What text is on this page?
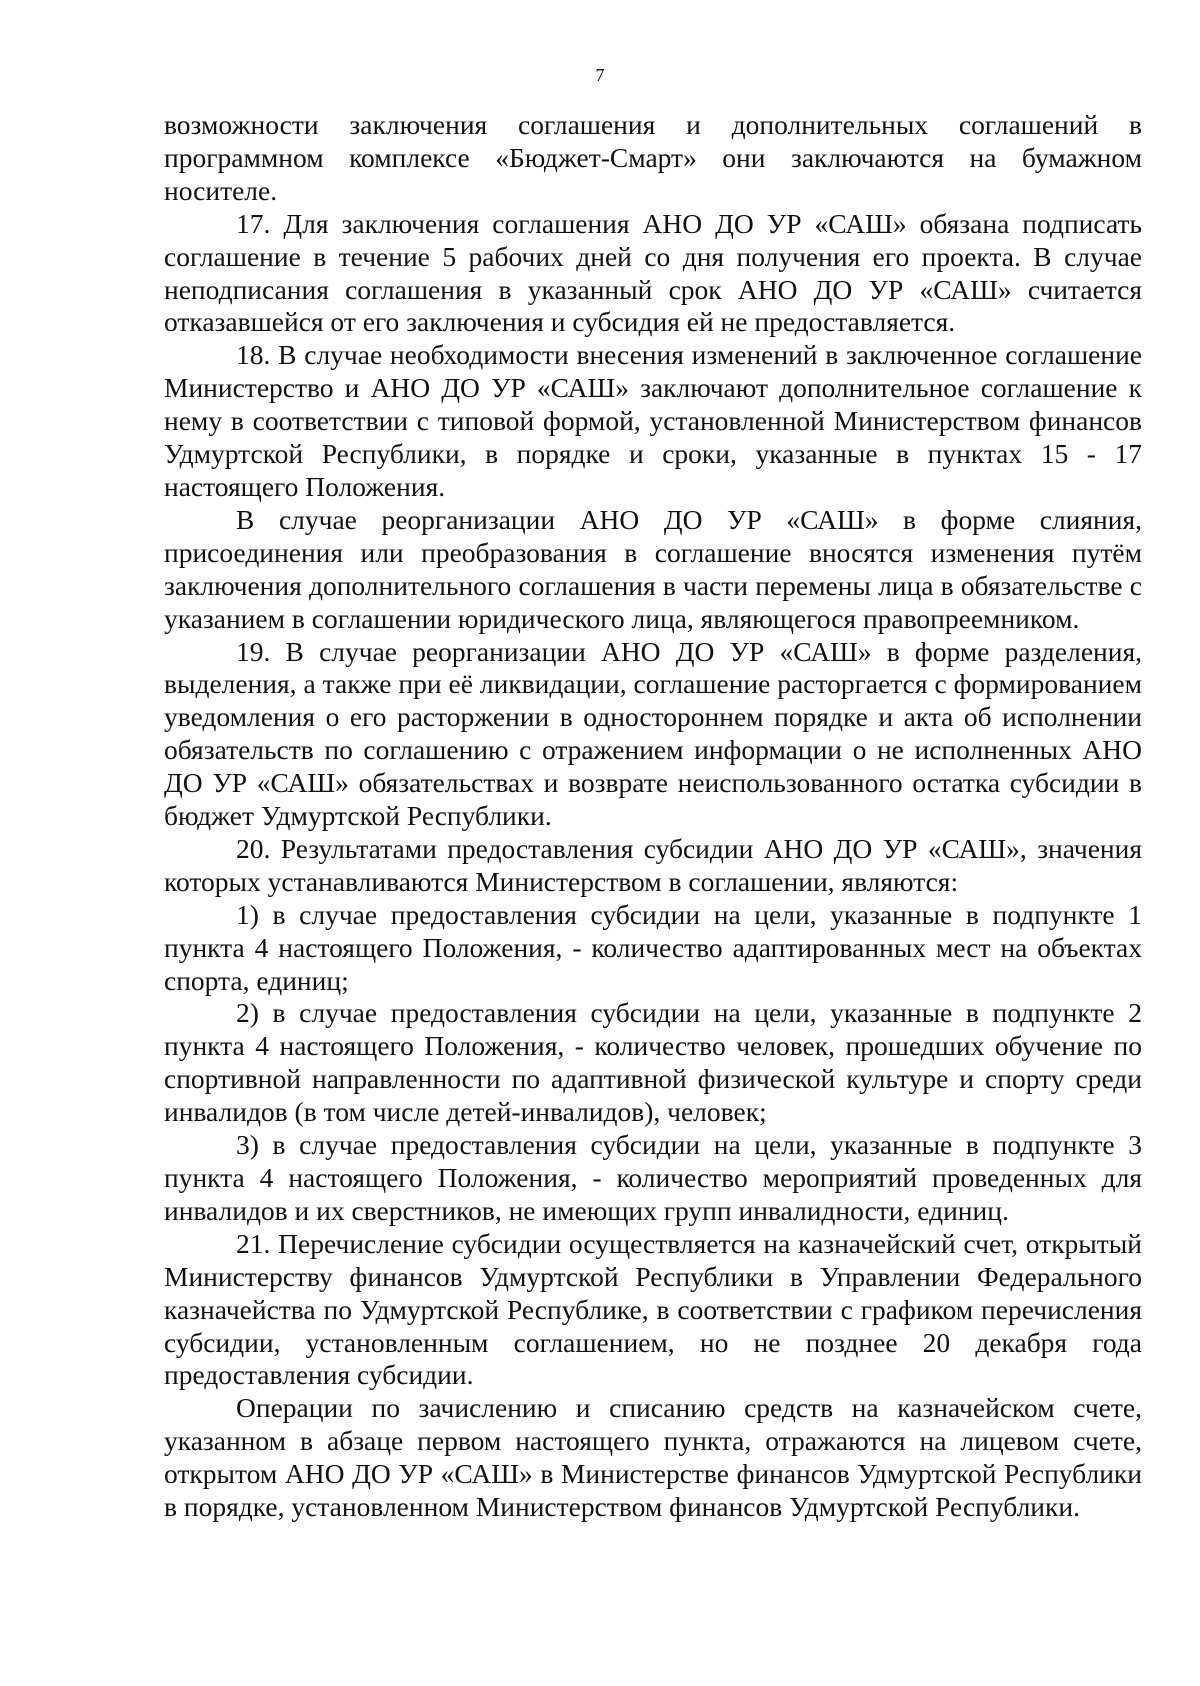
7

возможности заключения соглашения и дополнительных соглашений в программном комплексе «Бюджет-Смарт» они заключаются на бумажном носителе.

17. Для заключения соглашения АНО ДО УР «САШ» обязана подписать соглашение в течение 5 рабочих дней со дня получения его проекта. В случае неподписания соглашения в указанный срок АНО ДО УР «САШ» считается отказавшейся от его заключения и субсидия ей не предоставляется.

18. В случае необходимости внесения изменений в заключенное соглашение Министерство и АНО ДО УР «САШ» заключают дополнительное соглашение к нему в соответствии с типовой формой, установленной Министерством финансов Удмуртской Республики, в порядке и сроки, указанные в пунктах 15 - 17 настоящего Положения.

В случае реорганизации АНО ДО УР «САШ» в форме слияния, присоединения или преобразования в соглашение вносятся изменения путём заключения дополнительного соглашения в части перемены лица в обязательстве с указанием в соглашении юридического лица, являющегося правопреемником.

19. В случае реорганизации АНО ДО УР «САШ» в форме разделения, выделения, а также при её ликвидации, соглашение расторгается с формированием уведомления о его расторжении в одностороннем порядке и акта об исполнении обязательств по соглашению с отражением информации о не исполненных АНО ДО УР «САШ» обязательствах и возврате неиспользованного остатка субсидии в бюджет Удмуртской Республики.

20. Результатами предоставления субсидии АНО ДО УР «САШ», значения которых устанавливаются Министерством в соглашении, являются:

1) в случае предоставления субсидии на цели, указанные в подпункте 1 пункта 4 настоящего Положения, - количество адаптированных мест на объектах спорта, единиц;

2) в случае предоставления субсидии на цели, указанные в подпункте 2 пункта 4 настоящего Положения, - количество человек, прошедших обучение по спортивной направленности по адаптивной физической культуре и спорту среди инвалидов (в том числе детей-инвалидов), человек;

3) в случае предоставления субсидии на цели, указанные в подпункте 3 пункта 4 настоящего Положения, - количество мероприятий проведенных для инвалидов и их сверстников, не имеющих групп инвалидности, единиц.

21. Перечисление субсидии осуществляется на казначейский счет, открытый Министерству финансов Удмуртской Республики в Управлении Федерального казначейства по Удмуртской Республике, в соответствии с графиком перечисления субсидии, установленным соглашением, но не позднее 20 декабря года предоставления субсидии.

Операции по зачислению и списанию средств на казначейском счете, указанном в абзаце первом настоящего пункта, отражаются на лицевом счете, открытом АНО ДО УР «САШ» в Министерстве финансов Удмуртской Республики в порядке, установленном Министерством финансов Удмуртской Республики.
